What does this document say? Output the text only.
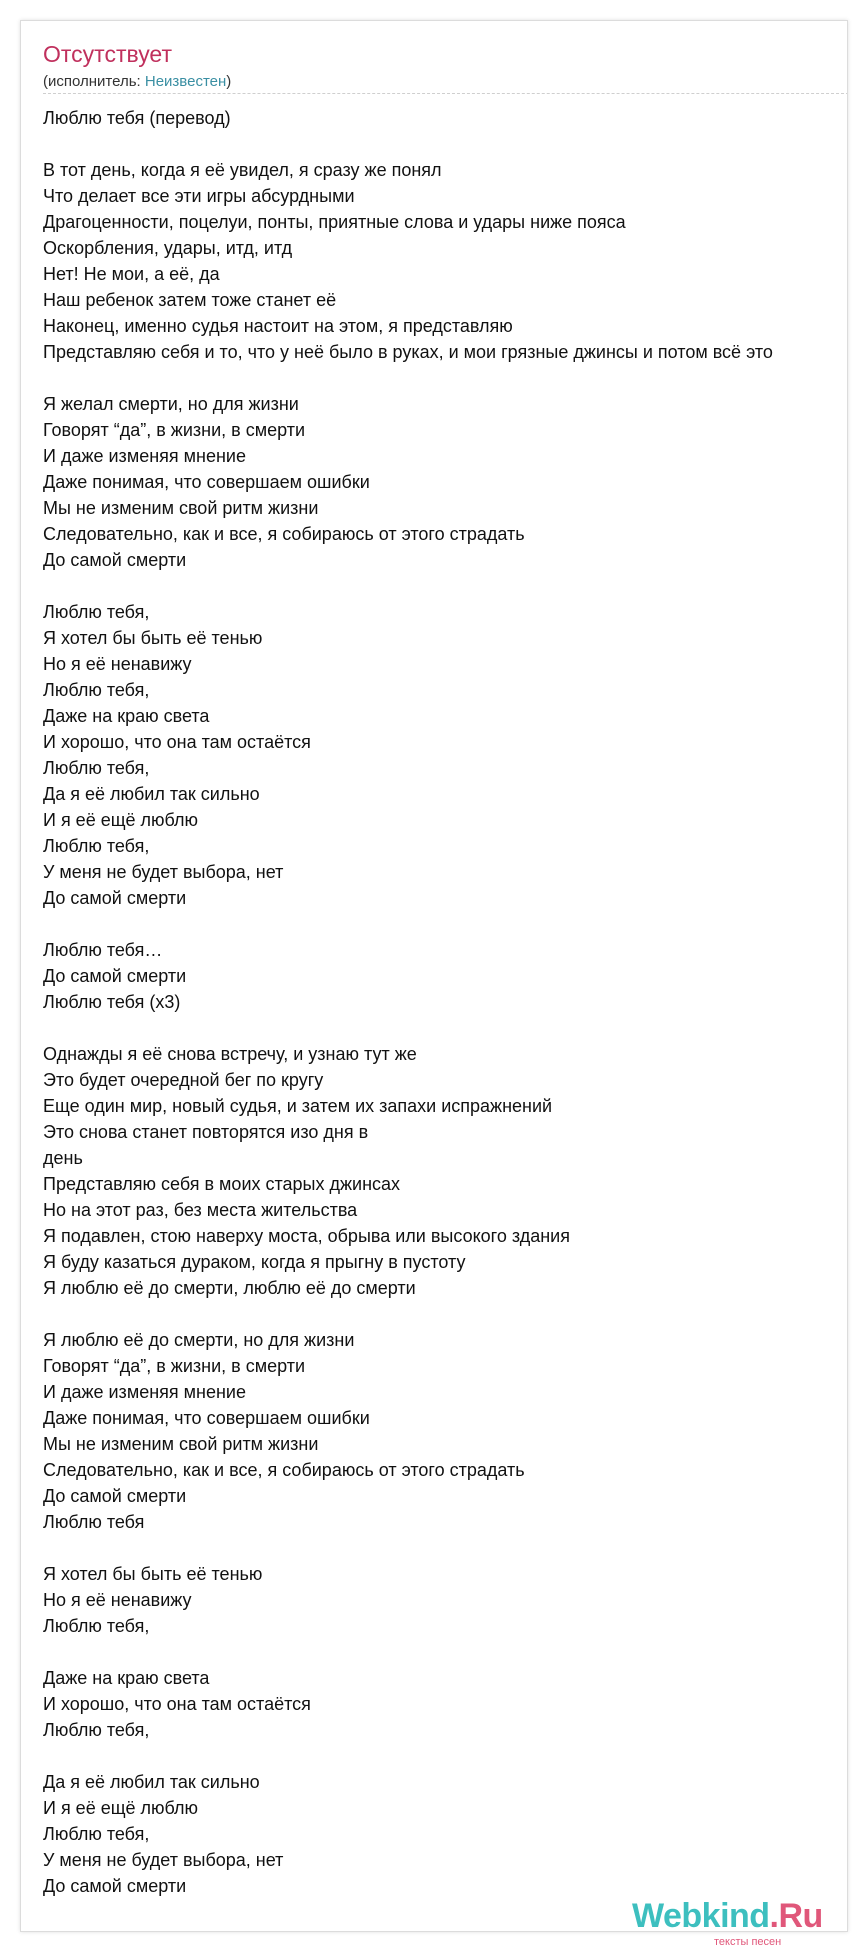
Отсутствует
(исполнитель: Неизвестен)
Люблю тебя (перевод)
В тот день, когда я её увидел, я сразу же понял
Что делает все эти игры абсурдными
Драгоценности, поцелуи, понты, приятные слова и удары ниже пояса
Оскорбления, удары, итд, итд
Нет! Не мои, а её, да
Наш ребенок затем тоже станет её
Наконец, именно судья настоит на этом, я представляю
Представляю себя и то, что у неё было в руках, и мои грязные джинсы и потом всё это
Я желал смерти, но для жизни
Говорят “да”, в жизни, в смерти
И даже изменяя мнение
Даже понимая, что совершаем ошибки
Мы не изменим свой ритм жизни
Следовательно, как и все, я собираюсь от этого страдать
До самой смерти
Люблю тебя,
Я хотел бы быть её тенью
Но я её ненавижу
Люблю тебя,
Даже на краю света
И хорошо, что она там остаётся
Люблю тебя,
Да я её любил так сильно
И я её ещё люблю
Люблю тебя,
У меня не будет выбора, нет
До самой смерти
Люблю тебя…
До самой смерти
Люблю тебя (x3)
Однажды я её снова встречу, и узнаю тут же
Это будет очередной бег по кругу
Еще один мир, новый судья, и затем их запахи испражнений
Это снова станет повторятся изо дня в
день
Представляю себя в моих старых джинсах
Но на этот раз, без места жительства
Я подавлен, стою наверху моста, обрыва или высокого здания
Я буду казаться дураком, когда я прыгну в пустоту
Я люблю её до смерти, люблю её до смерти
Я люблю её до смерти, но для жизни
Говорят “да”, в жизни, в смерти
И даже изменяя мнение
Даже понимая, что совершаем ошибки
Мы не изменим свой ритм жизни
Следовательно, как и все, я собираюсь от этого страдать
До самой смерти
Люблю тебя
Я хотел бы быть её тенью
Но я её ненавижу
Люблю тебя,
Даже на краю света
И хорошо, что она там остаётся
Люблю тебя,
Да я её любил так сильно
И я её ещё люблю
Люблю тебя,
У меня не будет выбора, нет
До самой смерти
Webkind.Ru
тексты песен
